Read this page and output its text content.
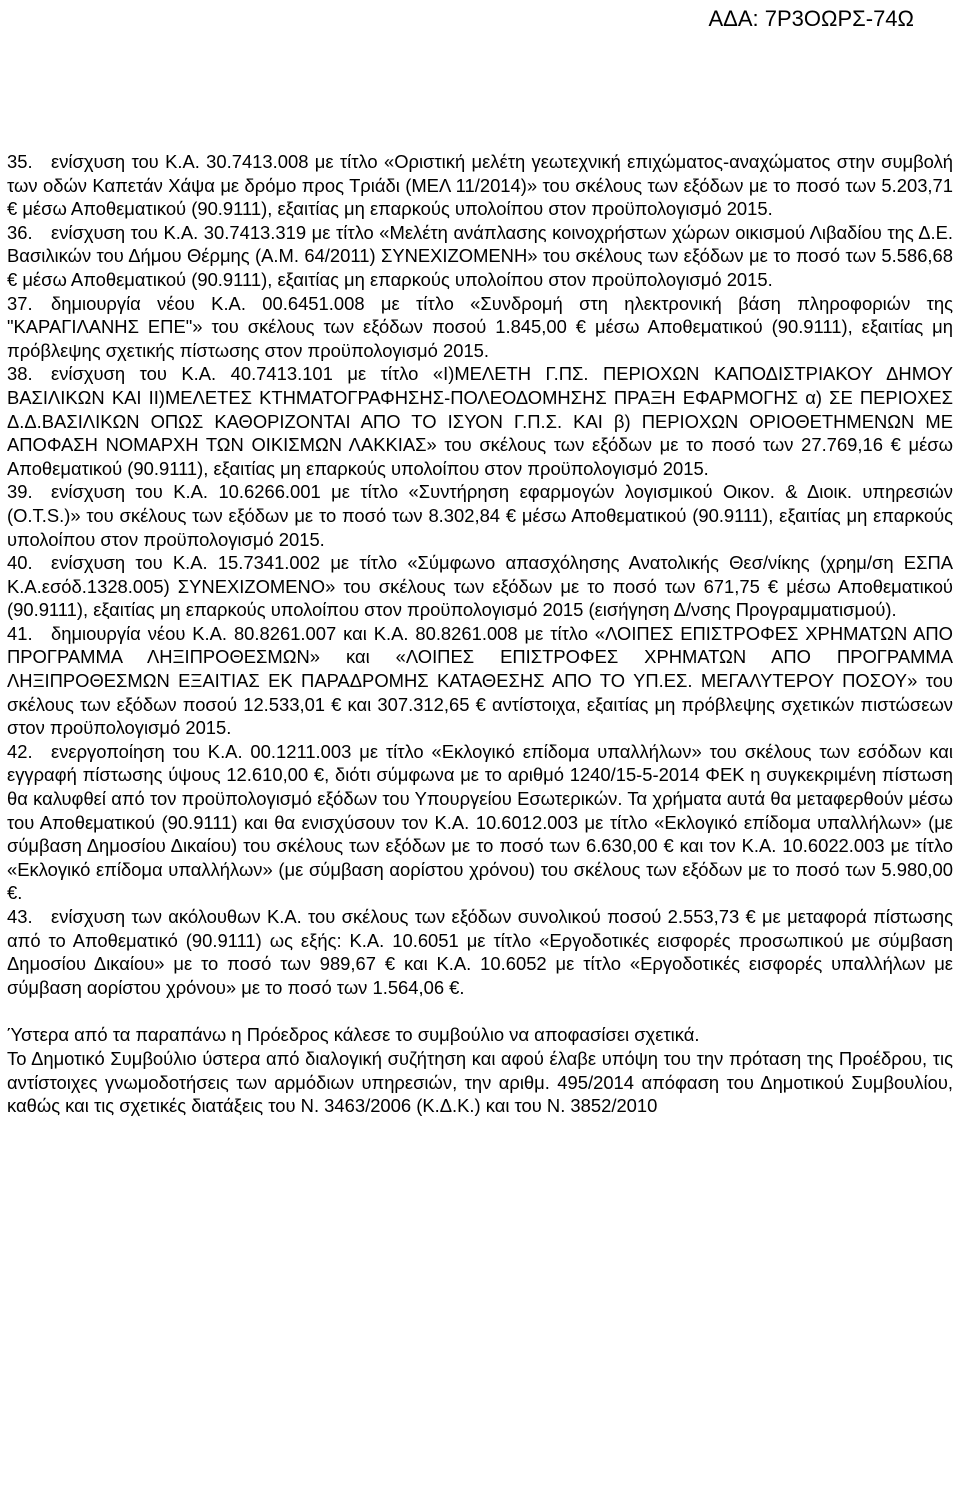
ΑΔΑ: 7Ρ3ΟΩΡΣ-74Ω

35. ενίσχυση του Κ.Α. 30.7413.008 με τίτλο «Οριστική μελέτη γεωτεχνική επιχώματος-αναχώματος στην συμβολή των οδών Καπετάν Χάψα με δρόμο προς Τριάδι (ΜΕΛ 11/2014)» του σκέλους των εξόδων με το ποσό των 5.203,71 € μέσω Αποθεματικού (90.9111), εξαιτίας μη επαρκούς υπολοίπου στον προϋπολογισμό 2015.

36. ενίσχυση του Κ.Α. 30.7413.319 με τίτλο «Μελέτη ανάπλασης κοινοχρήστων χώρων οικισμού Λιβαδίου της Δ.Ε. Βασιλικών του Δήμου Θέρμης (Α.Μ. 64/2011) ΣΥΝΕΧΙΖΟΜΕΝΗ» του σκέλους των εξόδων με το ποσό των 5.586,68 € μέσω Αποθεματικού (90.9111), εξαιτίας μη επαρκούς υπολοίπου στον προϋπολογισμό 2015.

37. δημιουργία νέου Κ.Α. 00.6451.008 με τίτλο «Συνδρομή στη ηλεκτρονική βάση πληροφοριών της "ΚΑΡΑΓΙΛΑΝΗΣ ΕΠΕ"» του σκέλους των εξόδων ποσού 1.845,00 € μέσω Αποθεματικού (90.9111), εξαιτίας μη πρόβλεψης σχετικής πίστωσης στον προϋπολογισμό 2015.

38. ενίσχυση του Κ.Α. 40.7413.101 με τίτλο «Ι)ΜΕΛΕΤΗ Γ.ΠΣ. ΠΕΡΙΟΧΩΝ ΚΑΠΟΔΙΣΤΡΙΑΚΟΥ ΔΗΜΟΥ ΒΑΣΙΛΙΚΩΝ ΚΑΙ ΙΙ)ΜΕΛΕΤΕΣ ΚΤΗΜΑΤΟΓΡΑΦΗΣΗΣ-ΠΟΛΕΟΔΟΜΗΣΗΣ ΠΡΑΞΗ ΕΦΑΡΜΟΓΗΣ α) ΣΕ ΠΕΡΙΟΧΕΣ Δ.Δ.ΒΑΣΙΛΙΚΩΝ ΟΠΩΣ ΚΑΘΟΡΙΖΟΝΤΑΙ ΑΠΟ ΤΟ ΙΣΥΟΝ Γ.Π.Σ. ΚΑΙ β) ΠΕΡΙΟΧΩΝ ΟΡΙΟΘΕΤΗΜΕΝΩΝ ΜΕ ΑΠΟΦΑΣΗ ΝΟΜΑΡΧΗ ΤΩΝ ΟΙΚΙΣΜΩΝ ΛΑΚΚΙΑΣ» του σκέλους των εξόδων με το ποσό των 27.769,16 € μέσω Αποθεματικού (90.9111), εξαιτίας μη επαρκούς υπολοίπου στον προϋπολογισμό 2015.

39. ενίσχυση του Κ.Α. 10.6266.001 με τίτλο «Συντήρηση εφαρμογών λογισμικού Οικον. & Διοικ. υπηρεσιών (Ο.Τ.S.)» του σκέλους των εξόδων με το ποσό των 8.302,84 € μέσω Αποθεματικού (90.9111), εξαιτίας μη επαρκούς υπολοίπου στον προϋπολογισμό 2015.

40. ενίσχυση του Κ.Α. 15.7341.002 με τίτλο «Σύμφωνο απασχόλησης Ανατολικής Θεσ/νίκης (χρημ/ση ΕΣΠΑ Κ.Α.εσόδ.1328.005) ΣΥΝΕΧΙΖΟΜΕΝΟ» του σκέλους των εξόδων με το ποσό των 671,75 € μέσω Αποθεματικού (90.9111), εξαιτίας μη επαρκούς υπολοίπου στον προϋπολογισμό 2015 (εισήγηση Δ/νσης Προγραμματισμού).

41. δημιουργία νέου Κ.Α. 80.8261.007 και Κ.Α. 80.8261.008 με τίτλο «ΛΟΙΠΕΣ ΕΠΙΣΤΡΟΦΕΣ ΧΡΗΜΑΤΩΝ ΑΠΟ ΠΡΟΓΡΑΜΜΑ ΛΗΞΙΠΡΟΘΕΣΜΩΝ» και «ΛΟΙΠΕΣ ΕΠΙΣΤΡΟΦΕΣ ΧΡΗΜΑΤΩΝ ΑΠΟ ΠΡΟΓΡΑΜΜΑ ΛΗΞΙΠΡΟΘΕΣΜΩΝ ΕΞΑΙΤΙΑΣ ΕΚ ΠΑΡΑΔΡΟΜΗΣ ΚΑΤΑΘΕΣΗΣ ΑΠΟ ΤΟ ΥΠ.ΕΣ. ΜΕΓΑΛΥΤΕΡΟΥ ΠΟΣΟΥ» του σκέλους των εξόδων ποσού 12.533,01 € και 307.312,65 € αντίστοιχα, εξαιτίας μη πρόβλεψης σχετικών πιστώσεων στον προϋπολογισμό 2015.

42. ενεργοποίηση του Κ.Α. 00.1211.003 με τίτλο «Εκλογικό επίδομα υπαλλήλων» του σκέλους των εσόδων και εγγραφή πίστωσης ύψους 12.610,00 €, διότι σύμφωνα με το αριθμό 1240/15-5-2014 ΦΕΚ η συγκεκριμένη πίστωση θα καλυφθεί από τον προϋπολογισμό εξόδων του Υπουργείου Εσωτερικών. Τα χρήματα αυτά θα μεταφερθούν μέσω του Αποθεματικού (90.9111) και θα ενισχύσουν τον Κ.Α. 10.6012.003 με τίτλο «Εκλογικό επίδομα υπαλλήλων» (με σύμβαση Δημοσίου Δικαίου) του σκέλους των εξόδων με το ποσό των 6.630,00 € και τον Κ.Α. 10.6022.003 με τίτλο «Εκλογικό επίδομα υπαλλήλων» (με σύμβαση αορίστου χρόνου) του σκέλους των εξόδων με το ποσό των 5.980,00 €.

43. ενίσχυση των ακόλουθων Κ.Α. του σκέλους των εξόδων συνολικού ποσού 2.553,73 € με μεταφορά πίστωσης από το Αποθεματικό (90.9111) ως εξής: Κ.Α. 10.6051 με τίτλο «Εργοδοτικές εισφορές προσωπικού με σύμβαση Δημοσίου Δικαίου» με το ποσό των 989,67 € και Κ.Α. 10.6052 με τίτλο «Εργοδοτικές εισφορές υπαλλήλων με σύμβαση αορίστου χρόνου» με το ποσό των 1.564,06 €.

Ύστερα από τα παραπάνω η Πρόεδρος κάλεσε το συμβούλιο να αποφασίσει σχετικά.

Το Δημοτικό Συμβούλιο ύστερα από διαλογική συζήτηση και αφού έλαβε υπόψη του την πρόταση της Προέδρου, τις αντίστοιχες γνωμοδοτήσεις των αρμόδιων υπηρεσιών, την αριθμ. 495/2014 απόφαση του Δημοτικού Συμβουλίου, καθώς και τις σχετικές διατάξεις του Ν. 3463/2006 (Κ.Δ.Κ.) και του Ν. 3852/2010
